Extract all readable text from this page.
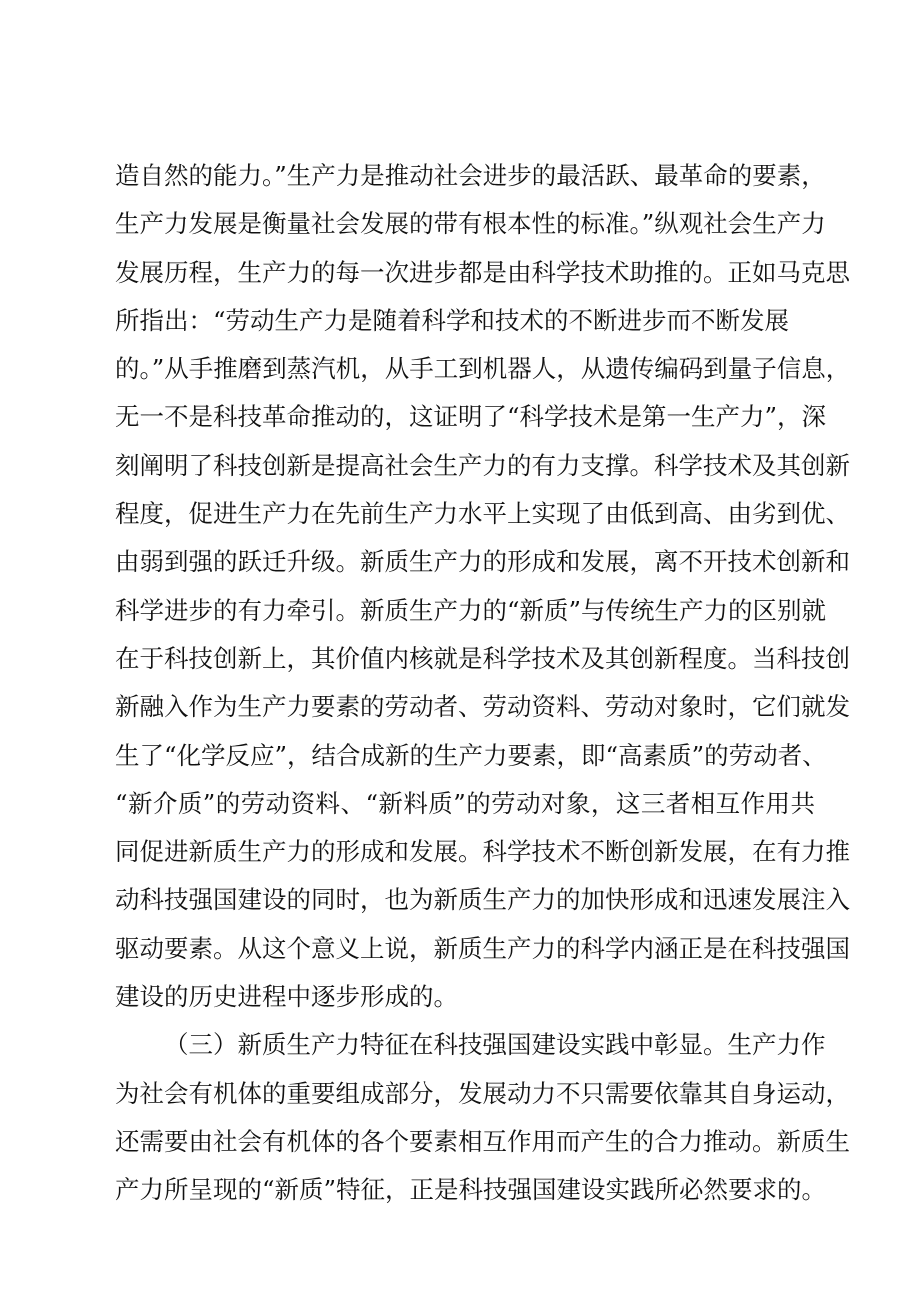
造自然的能力。”生产力是推动社会进步的最活跃、最革命的要素，
生产力发展是衡量社会发展的带有根本性的标准。”纵观社会生产力
发展历程，生产力的每一次进步都是由科学技术助推的。正如马克思
所指出：“劳动生产力是随着科学和技术的不断进步而不断发展
的。”从手推磨到蒸汽机，从手工到机器人，从遗传编码到量子信息，
无一不是科技革命推动的，这证明了“科学技术是第一生产力”，深
刻阐明了科技创新是提高社会生产力的有力支撑。科学技术及其创新
程度，促进生产力在先前生产力水平上实现了由低到高、由劣到优、
由弱到强的跃迁升级。新质生产力的形成和发展，离不开技术创新和
科学进步的有力牵引。新质生产力的“新质”与传统生产力的区别就
在于科技创新上，其价值内核就是科学技术及其创新程度。当科技创
新融入作为生产力要素的劳动者、劳动资料、劳动对象时，它们就发
生了“化学反应”，结合成新的生产力要素，即“高素质”的劳动者、
“新介质”的劳动资料、“新料质”的劳动对象，这三者相互作用共
同促进新质生产力的形成和发展。科学技术不断创新发展，在有力推
动科技强国建设的同时，也为新质生产力的加快形成和迅速发展注入
驱动要素。从这个意义上说，新质生产力的科学内涵正是在科技强国
建设的历史进程中逐步形成的。
（三）新质生产力特征在科技强国建设实践中彰显。生产力作
为社会有机体的重要组成部分，发展动力不只需要依靠其自身运动，
还需要由社会有机体的各个要素相互作用而产生的合力推动。新质生
产力所呈现的“新质”特征，正是科技强国建设实践所必然要求的。
